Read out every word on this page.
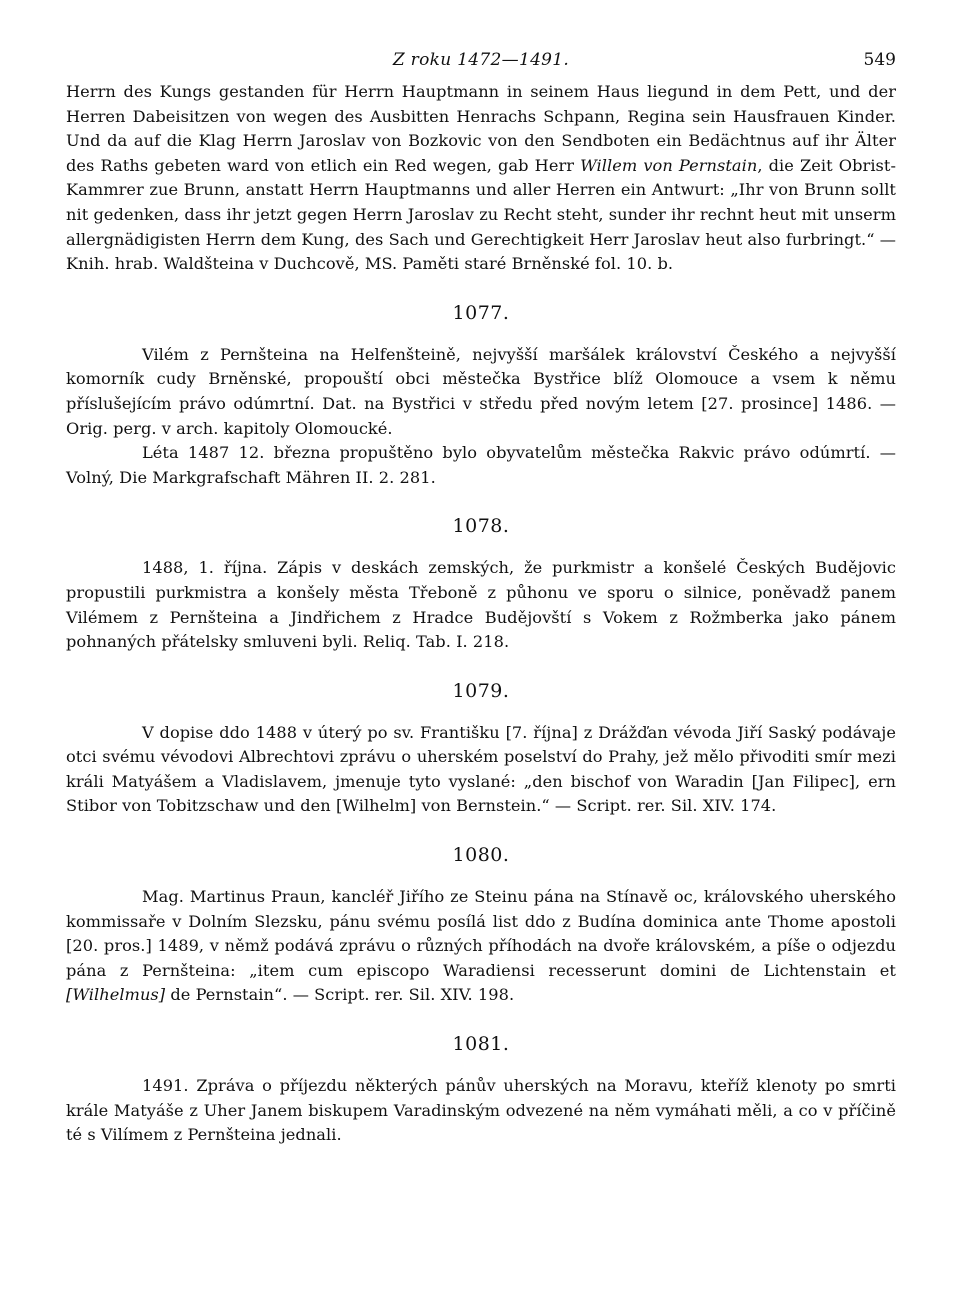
Z roku 1472—1491.	549

Herrn des Kungs gestanden für Herrn Hauptmann in seinem Haus liegund in dem Pett, und der Herren Dabeisitzen von wegen des Ausbitten Henrachs Schpann, Regina sein Hausfrauen Kinder. Und da auf die Klag Herrn Jaroslav von Bozkovic von den Sendboten ein Bedächtnus auf ihr Älter des Raths gebeten ward von etlich ein Red wegen, gab Herr Willem von Pernstain, die Zeit Obrist-Kammrer zue Brunn, anstatt Herrn Hauptmanns und aller Herren ein Antwurt: „Ihr von Brunn sollt nit gedenken, dass ihr jetzt gegen Herrn Jaroslav zu Recht steht, sunder ihr rechnt heut mit unserm allergnädigisten Herrn dem Kung, des Sach und Gerechtigkeit Herr Jaroslav heut also furbringt.“ — Knih. hrab. Waldšteina v Duchcově, MS. Paměti staré Brněnské fol. 10. b.

1077.

Vilém z Pernšteina na Helfenšteině, nejvyšší maršálek království Českého a nejvyšší komorník cudy Brněnské, propouští obci městečka Bystřice blíž Olomouce a vsem k němu příslušejícím právo odúmrtní. Dat. na Bystřici v středu před novým letem [27. prosince] 1486. — Orig. perg. v arch. kapitoly Olomoucké.

Léta 1487 12. března propuštěno bylo obyvatelům městečka Rakvic právo odúmrtí. — Volný, Die Markgrafschaft Mähren II. 2. 281.

1078.

1488, 1. října. Zápis v deskách zemských, že purkmistr a konšelé Českých Budějovic propustili purkmistra a konšely města Třeboně z půhonu ve sporu o silnice, poněvadž panem Vilémem z Pernšteina a Jindřichem z Hradce Budějovští s Vokem z Rožmberka jako pánem pohnaných přátelsky smluveni byli. Reliq. Tab. I. 218.

1079.

V dopise ddo 1488 v úterý po sv. Františku [7. října] z Drážďan vévoda Jiří Saský podávaje otci svému vévodovi Albrechtovi zprávu o uherském poselství do Prahy, jež mělo přivoditi smír mezi králi Matyášem a Vladislavem, jmenuje tyto vyslané: „den bischof von Waradin [Jan Filipec], ern Stibor von Tobitzschaw und den [Wilhelm] von Bernstein.“ — Script. rer. Sil. XIV. 174.

1080.

Mag. Martinus Praun, kancléř Jiřího ze Steinu pána na Stínavě oc, královského uherského kommissaře v Dolním Slezsku, pánu svému posílá list ddo z Budína dominica ante Thome apostoli [20. pros.] 1489, v němž podává zprávu o různých příhodách na dvoře královském, a píše o odjezdu pána z Pernšteina: „item cum episcopo Waradiensi recesserunt domini de Lichtenstain et [Wilhelmus] de Pernstain“. — Script. rer. Sil. XIV. 198.

1081.

1491. Zpráva o příjezdu některých pánův uherských na Moravu, kteříž klenoty po smrti krále Matyáše z Uher Janem biskupem Varadinským odvezené na něm vymáhati měli, a co v příčině té s Vilímem z Pernšteina jednali.
